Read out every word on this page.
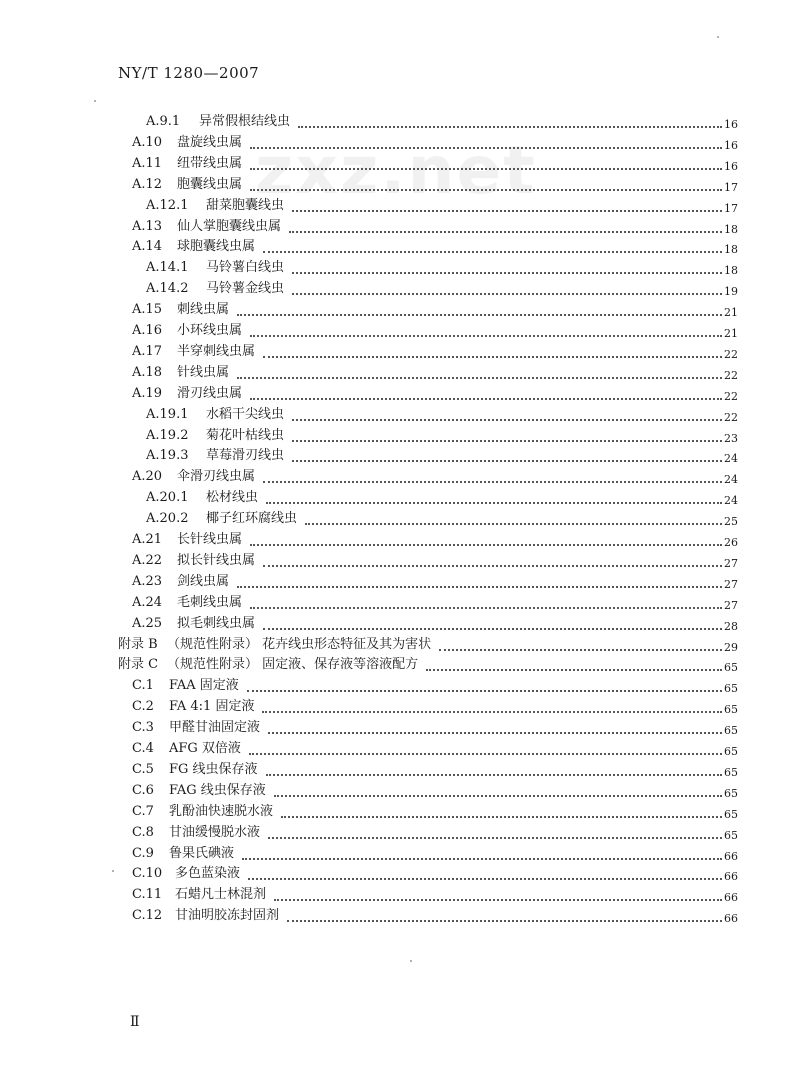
NY/T 1280—2007
zxz.net
A.9.1 异常假根结线虫	16
A.10 盘旋线虫属	16
A.11 纽带线虫属	16
A.12 胞囊线虫属	17
A.12.1 甜菜胞囊线虫	17
A.13 仙人掌胞囊线虫属	18
A.14 球胞囊线虫属	18
A.14.1 马铃薯白线虫	18
A.14.2 马铃薯金线虫	19
A.15 刺线虫属	21
A.16 小环线虫属	21
A.17 半穿刺线虫属	22
A.18 针线虫属	22
A.19 滑刃线虫属	22
A.19.1 水稻干尖线虫	22
A.19.2 菊花叶枯线虫	23
A.19.3 草莓滑刃线虫	24
A.20 伞滑刃线虫属	24
A.20.1 松材线虫	24
A.20.2 椰子红环腐线虫	25
A.21 长针线虫属	26
A.22 拟长针线虫属	27
A.23 剑线虫属	27
A.24 毛刺线虫属	27
A.25 拟毛刺线虫属	28
附录 B （规范性附录） 花卉线虫形态特征及其为害状	29
附录 C （规范性附录） 固定液、保存液等溶液配方	65
C.1 FAA 固定液	65
C.2 FA 4:1 固定液	65
C.3 甲醛甘油固定液	65
C.4 AFG 双倍液	65
C.5 FG 线虫保存液	65
C.6 FAG 线虫保存液	65
C.7 乳酚油快速脱水液	65
C.8 甘油缓慢脱水液	65
C.9 鲁果氏碘液	66
C.10 多色蓝染液	66
C.11 石蜡凡士林混剂	66
C.12 甘油明胶冻封固剂	66
Ⅱ
